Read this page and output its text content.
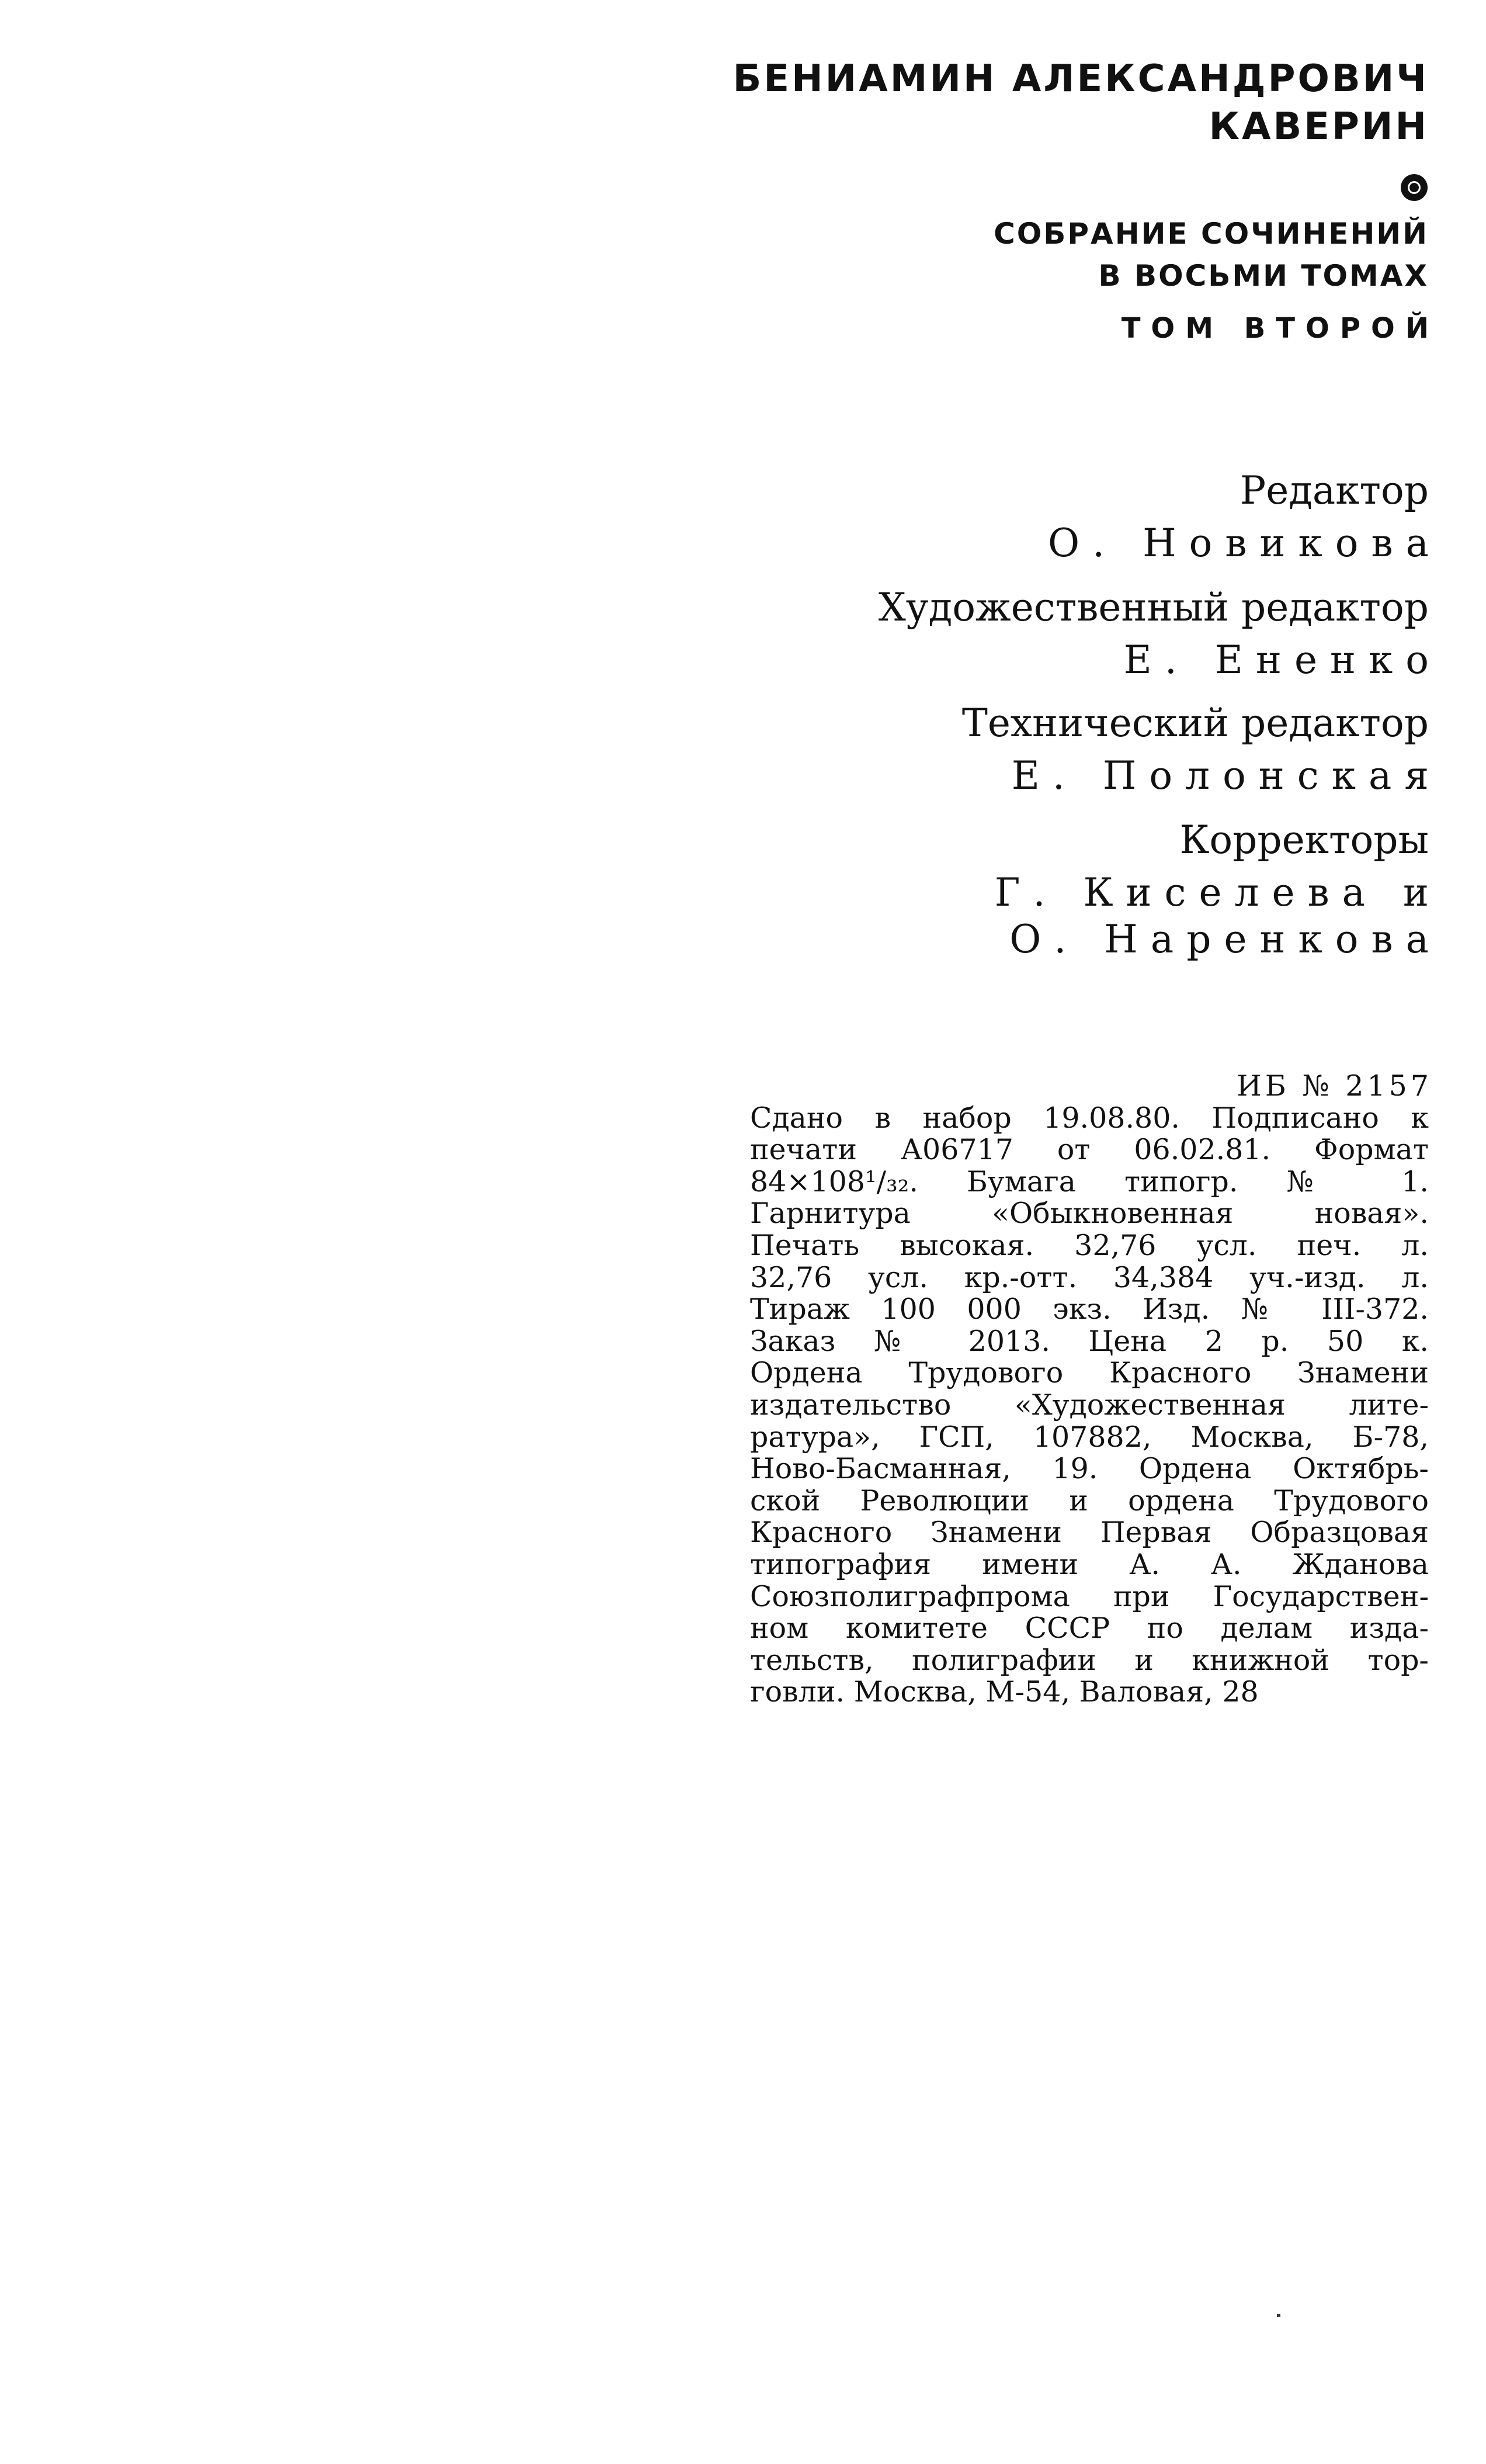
БЕНИАМИН АЛЕКСАНДРОВИЧ
КАВЕРИН
СОБРАНИЕ СОЧИНЕНИЙ
В ВОСЬМИ ТОМАХ
ТОМ ВТОРОЙ
Редактор
О. Новикова
Художественный редактор
Е. Ененко
Технический редактор
Е. Полонская
Корректоры
Г. Киселева и
О. Наренкова
ИБ № 2157
Сдано в набор 19.08.80. Подписано к
печати А06717 от 06.02.81. Формат
84×108¹/₃₂. Бумага типогр. № 1.
Гарнитура «Обыкновенная новая».
Печать высокая. 32,76 усл. печ. л.
32,76 усл. кр.-отт. 34,384 уч.-изд. л.
Тираж 100 000 экз. Изд. № III-372.
Заказ № 2013. Цена 2 р. 50 к.
Ордена Трудового Красного Знамени
издательство «Художественная лите-
ратура», ГСП, 107882, Москва, Б-78,
Ново-Басманная, 19. Ордена Октябрь-
ской Революции и ордена Трудового
Красного Знамени Первая Образцовая
типография имени А. А. Жданова
Союзполиграфпрома при Государствен-
ном комитете СССР по делам изда-
тельств, полиграфии и книжной тор-
говли. Москва, М-54, Валовая, 28
